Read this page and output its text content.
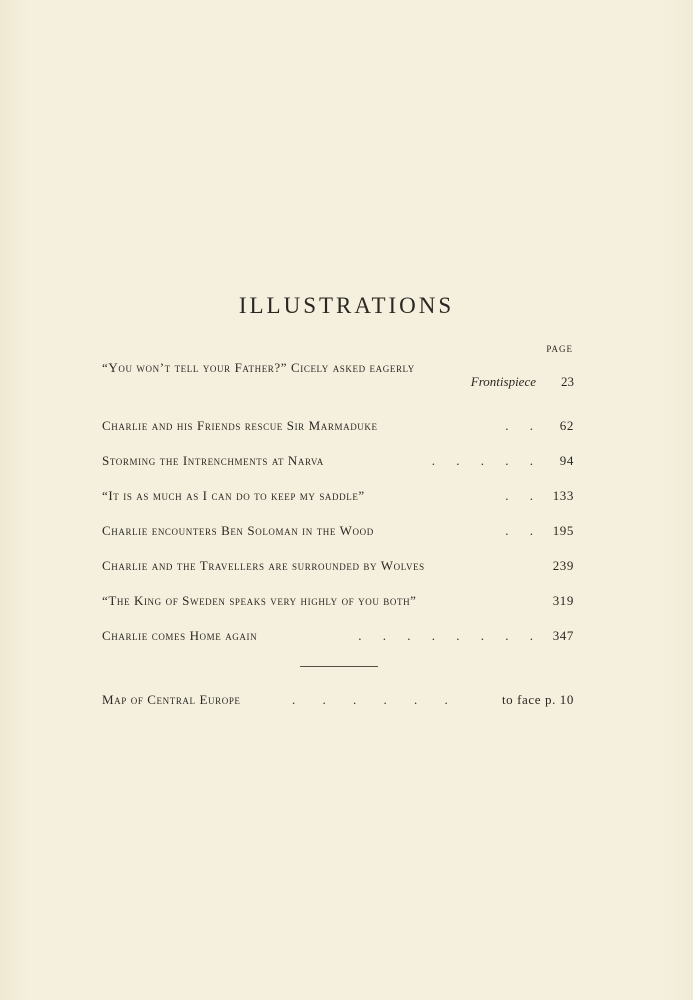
ILLUSTRATIONS
PAGE
“You won’t tell your Father?” Cicely asked eagerly
Frontispiece 23
Charlie and his Friends rescue Sir Marmaduke	. . 62
Storming the Intrenchments at Narva	. . . . . 94
“It is as much as I can do to keep my saddle”	. . 133
Charlie encounters Ben Soloman in the Wood	. . 195
Charlie and the Travellers are surrounded by Wolves	239
“The King of Sweden speaks very highly of you both”	319
Charlie comes Home again	. . . . . . . . 347
Map of Central Europe	. . . . . .	to face p. 10
